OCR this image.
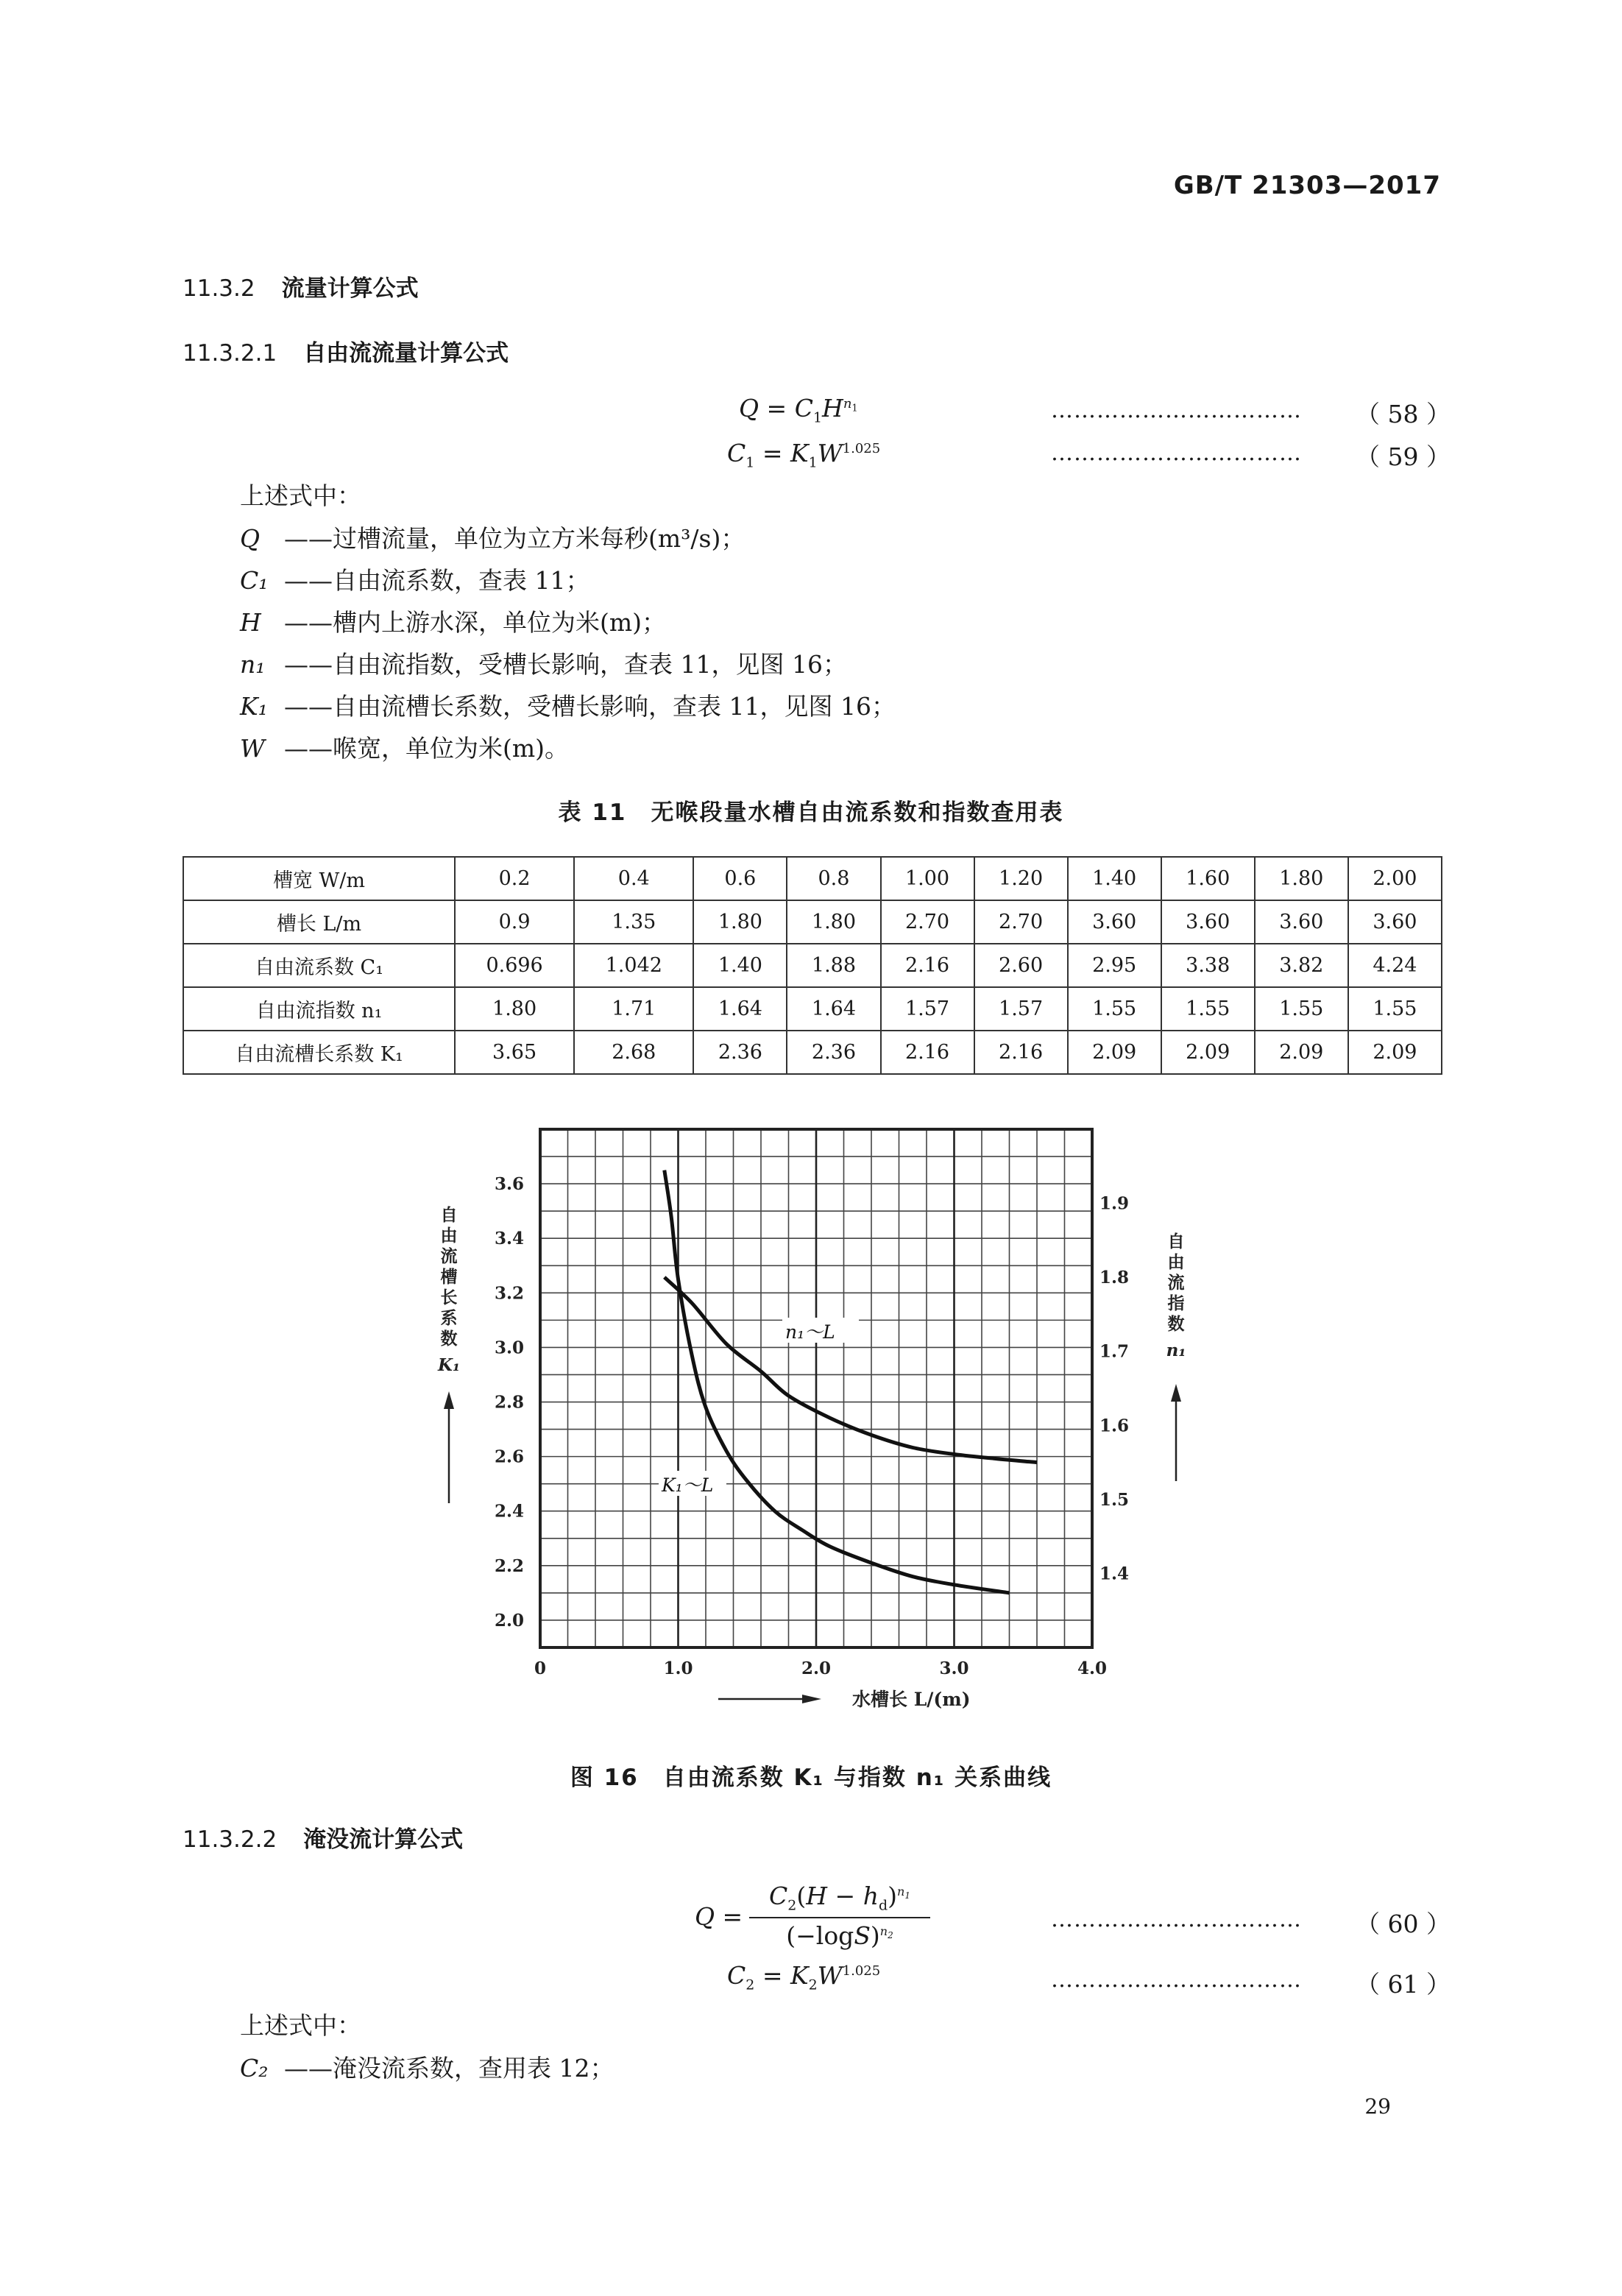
GB/T 21303—2017
11.3.2 流量计算公式
11.3.2.1 自由流流量计算公式
$Q = C_1H^{n_1}$	…………………………… （ 58 ）
$C_1 = K_1W^{1.025}$	…………………………… （ 59 ）
上述式中：
Q ——过槽流量，单位为立方米每秒(m³/s)；
C₁ ——自由流系数，查表 11；
H ——槽内上游水深，单位为米(m)；
n₁ ——自由流指数，受槽长影响，查表 11，见图 16；
K₁ ——自由流槽长系数，受槽长影响，查表 11，见图 16；
W ——喉宽，单位为米(m)。
表 11　无喉段量水槽自由流系数和指数查用表
槽宽 W/m	0.2	0.4	0.6	0.8	1.00	1.20	1.40	1.60	1.80	2.00
槽长 L/m	0.9	1.35	1.80	1.80	2.70	2.70	3.60	3.60	3.60	3.60
自由流系数 C₁	0.696	1.042	1.40	1.88	2.16	2.60	2.95	3.38	3.82	4.24
自由流指数 n₁	1.80	1.71	1.64	1.64	1.57	1.57	1.55	1.55	1.55	1.55
自由流槽长系数 K₁	3.65	2.68	2.36	2.36	2.16	2.16	2.09	2.09	2.09	2.09
0	1.0	2.0	3.0	4.0
2.0
2.2
2.4
2.6
2.8
3.0
3.2
3.4
3.6
1.4
1.5
1.6
1.7
1.8
1.9
K₁～L
n₁～L
自
由
流
槽
长
系
数
K₁
自
由
流
指
数
n₁
水槽长 L/(m)
图 16　自由流系数 K₁ 与指数 n₁ 关系曲线
11.3.2.2 淹没流计算公式
Q =
$C_2(H - h_d)^{n_1}$
$(-\log S)^{n_2}$
…………………………… （ 60 ）
$C_2 = K_2W^{1.025}$	…………………………… （ 61 ）
上述式中：
C₂ ——淹没流系数，查用表 12；
29
